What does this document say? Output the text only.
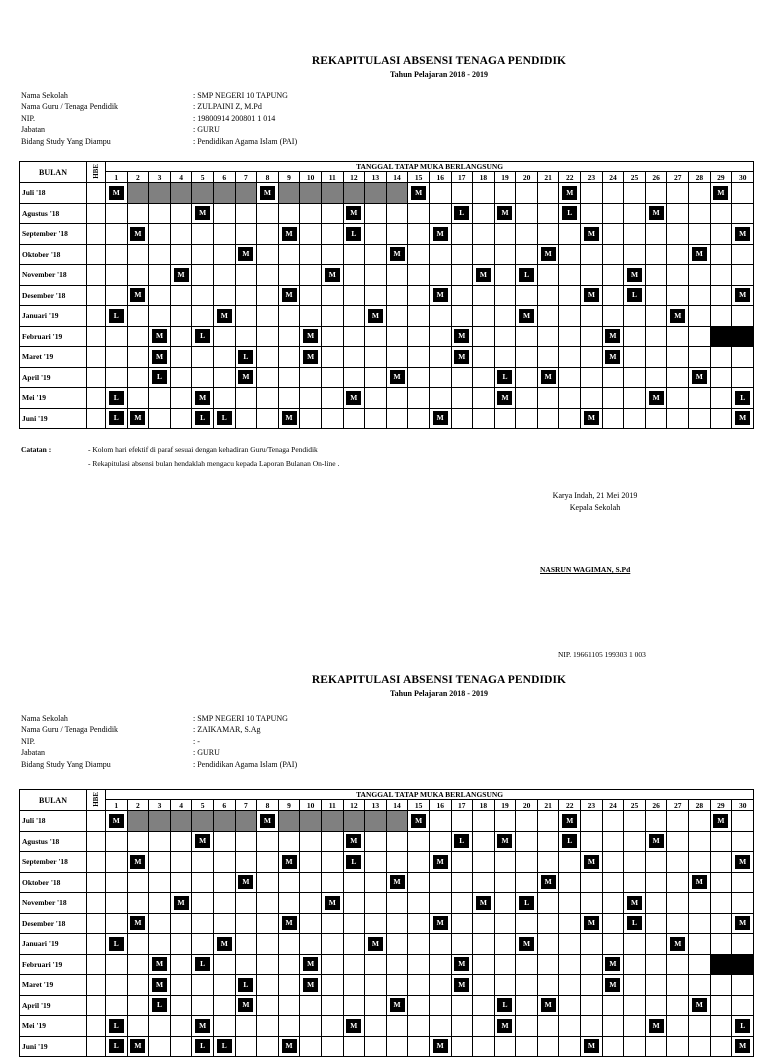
REKAPITULASI ABSENSI TENAGA PENDIDIK
Tahun Pelajaran 2018 - 2019
Nama Sekolah	: SMP NEGERI 10 TAPUNG
Nama Guru / Tenaga Pendidik	: ZULPAINI Z, M.Pd
NIP.	: 19800914 200801 1 014
Jabatan	: GURU
Bidang Study Yang Diampu	: Pendidikan Agama Islam (PAI)
BULAN	HBE	TANGGAL TATAP MUKA BERLANGSUNG																													
		1	2	3	4	5	6	7	8	9	10	11	12	13	14	15	16	17	18	19	20	21	22	23	24	25	26	27	28	29	30
Juli '18		M							M							M							M							M	
Agustus '18						M							M					L		M			L				M				
September '18			M							M			L				M							M							M
Oktober '18								M							M							M							M		
November '18					M							M							M		L					M					
Desember '18			M							M							M							M		L					M
Januari '19		L					M							M							M							M			
Februari '19				M		L					M							M							M						
Maret '19				M				L			M							M							M						
April '19				L				M							M					L		M							M		
Mei '19		L				M							M							M							M				L
Juni '19		L	M			L	L			M							M							M							M
Catatan :	- Kolom hari efektif di paraf sesuai dengan kehadiran Guru/Tenaga Pendidik
- Rekapitulasi absensi bulan hendaklah mengacu kepada Laporan Bulanan On-line .
Karya Indah, 21 Mei 2019
Kepala Sekolah
NASRUN WAGIMAN, S.Pd
NIP. 19661105 199303 1 003
REKAPITULASI ABSENSI TENAGA PENDIDIK
Tahun Pelajaran 2018 - 2019
Nama Sekolah	: SMP NEGERI 10 TAPUNG
Nama Guru / Tenaga Pendidik	: ZAIKAMAR, S.Ag
NIP.	: -
Jabatan	: GURU
Bidang Study Yang Diampu	: Pendidikan Agama Islam (PAI)
BULAN	HBE	TANGGAL TATAP MUKA BERLANGSUNG																													
		1	2	3	4	5	6	7	8	9	10	11	12	13	14	15	16	17	18	19	20	21	22	23	24	25	26	27	28	29	30
Juli '18		M							M							M							M							M	
Agustus '18						M							M					L		M			L				M				
September '18			M							M			L				M							M							M
Oktober '18								M							M							M							M		
November '18					M							M							M		L					M					
Desember '18			M							M							M							M		L					M
Januari '19		L					M							M							M							M			
Februari '19				M		L					M							M							M						
Maret '19				M				L			M							M							M						
April '19				L				M							M					L		M							M		
Mei '19		L				M							M							M							M				L
Juni '19		L	M			L	L			M							M							M							M
